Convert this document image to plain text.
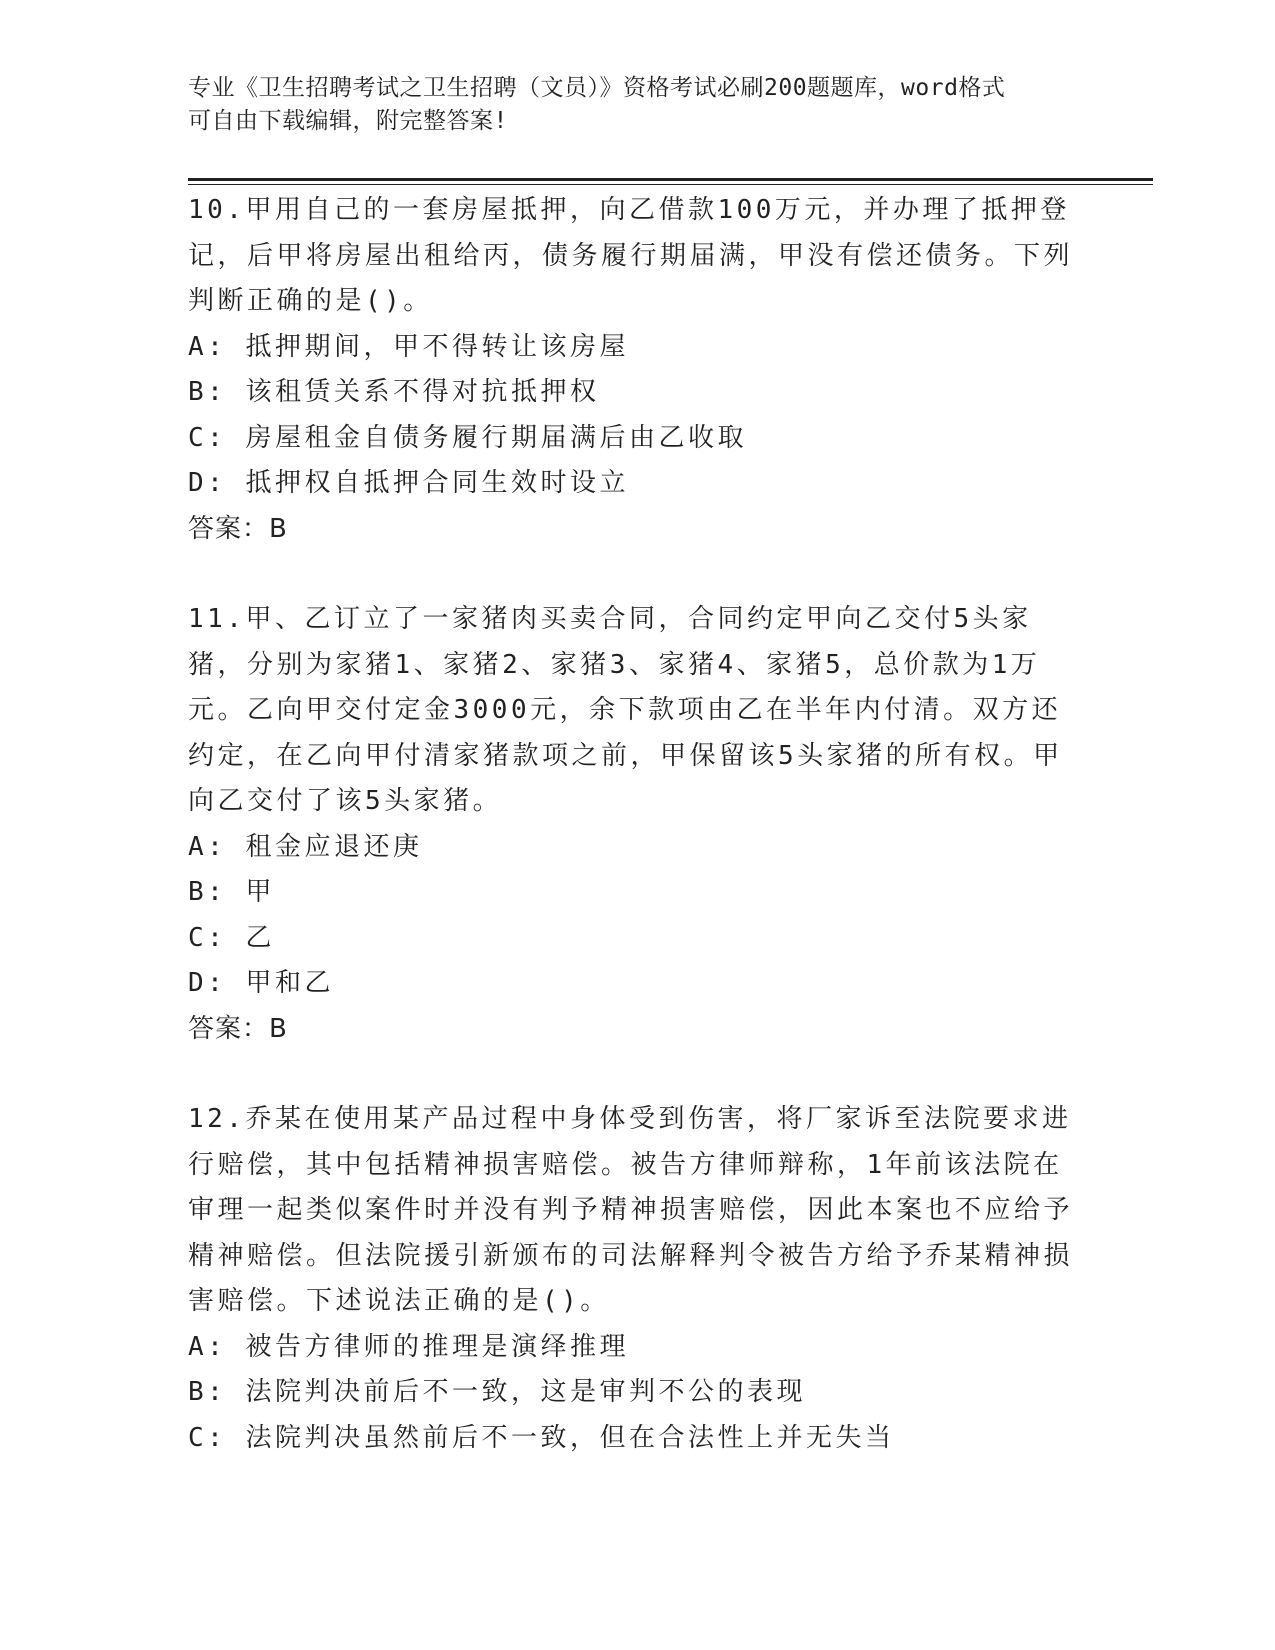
专业《卫生招聘考试之卫生招聘（文员）》资格考试必刷200题题库，word格式
可自由下载编辑，附完整答案!

10.甲用自己的一套房屋抵押，向乙借款100万元，并办理了抵押登记，后甲将房屋出租给丙，债务履行期届满，甲没有偿还债务。下列判断正确的是()。

A: 抵押期间，甲不得转让该房屋

B: 该租赁关系不得对抗抵押权

C: 房屋租金自债务履行期届满后由乙收取

D: 抵押权自抵押合同生效时设立

答案：B

11.甲、乙订立了一家猪肉买卖合同，合同约定甲向乙交付5头家猪，分别为家猪1、家猪2、家猪3、家猪4、家猪5，总价款为1万元。乙向甲交付定金3000元，余下款项由乙在半年内付清。双方还约定，在乙向甲付清家猪款项之前，甲保留该5头家猪的所有权。甲向乙交付了该5头家猪。

A: 租金应退还庚

B: 甲

C: 乙

D: 甲和乙

答案：B

12.乔某在使用某产品过程中身体受到伤害，将厂家诉至法院要求进行赔偿，其中包括精神损害赔偿。被告方律师辩称，1年前该法院在审理一起类似案件时并没有判予精神损害赔偿，因此本案也不应给予精神赔偿。但法院援引新颁布的司法解释判令被告方给予乔某精神损害赔偿。下述说法正确的是()。

A: 被告方律师的推理是演绎推理

B: 法院判决前后不一致，这是审判不公的表现

C: 法院判决虽然前后不一致，但在合法性上并无失当
